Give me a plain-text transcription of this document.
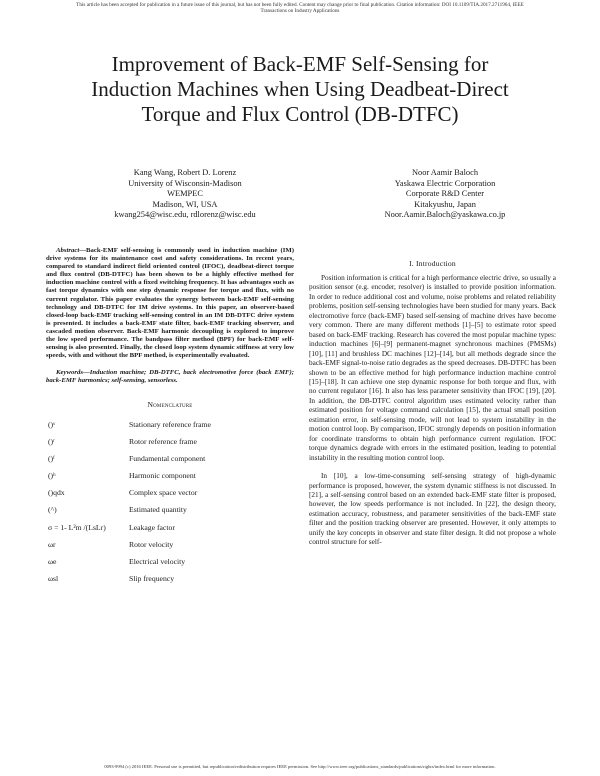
This article has been accepted for publication in a future issue of this journal, but has not been fully edited. Content may change prior to final publication. Citation information: DOI 10.1109/TIA.2017.2711964, IEEE
Transactions on Industry Applications
Improvement of Back-EMF Self-Sensing for
Induction Machines when Using Deadbeat-Direct
Torque and Flux Control (DB-DTFC)
Kang Wang, Robert D. Lorenz
University of Wisconsin-Madison
WEMPEC
Madison, WI, USA
kwang254@wisc.edu, rdlorenz@wisc.edu
Noor Aamir Baloch
Yaskawa Electric Corporation
Corporate R&D Center
Kitakyushu, Japan
Noor.Aamir.Baloch@yaskawa.co.jp

Abstract—Back-EMF self-sensing is commonly used in induction machine (IM) drive systems for its maintenance cost and safety considerations. In recent years, compared to standard indirect field oriented control (IFOC), deadbeat-direct torque and flux control (DB-DTFC) has been shown to be a highly effective method for induction machine control with a fixed switching frequency. It has advantages such as fast torque dynamics with one step dynamic response for torque and flux, with no current regulator. This paper evaluates the synergy between back-EMF self-sensing technology and DB-DTFC for IM drive systems. In this paper, an observer-based closed-loop back-EMF tracking self-sensing control in an IM DB-DTFC drive system is presented. It includes a back-EMF state filter, back-EMF tracking observer, and cascaded motion observer. Back-EMF harmonic decoupling is explored to improve the low speed performance. The bandpass filter method (BPF) for back-EMF self-sensing is also presented. Finally, the closed loop system dynamic stiffness at very low speeds, with and without the BPF method, is experimentally evaluated.

Keywords—Induction machine; DB-DTFC, back electromotive force (back EMF); back-EMF harmonics; self-sensing, sensorless.

Nomenclature
()ˢ	Stationary reference frame
()ʳ	Rotor reference frame
()ᶠ	Fundamental component
()ʰ	Harmonic component
()qdx	Complex space vector
(^)	Estimated quantity
σ = 1- L²m /(LsLr)	Leakage factor
ωr	Rotor velocity
ωe	Electrical velocity
ωsl	Slip frequency
I. Introduction

Position information is critical for a high performance electric drive, so usually a position sensor (e.g. encoder, resolver) is installed to provide position information. In order to reduce additional cost and volume, noise problems and related reliability problems, position self-sensing technologies have been studied for many years. Back electromotive force (back-EMF) based self-sensing of machine drives have become very common. There are many different methods [1]–[5] to estimate rotor speed based on back-EMF tracking. Research has covered the most popular machine types: induction machines [6]–[9] permanent-magnet synchronous machines (PMSMs) [10], [11] and brushless DC machines [12]–[14], but all methods degrade since the back-EMF signal-to-noise ratio degrades as the speed decreases. DB-DTFC has been shown to be an effective method for high performance induction machine control [15]–[18]. It can achieve one step dynamic response for both torque and flux, with no current regulator [16]. It also has less parameter sensitivity than IFOC [19], [20]. In addition, the DB-DTFC control algorithm uses estimated velocity rather than estimated position for voltage command calculation [15], the actual small position estimation error, in self-sensing mode, will not lead to system instability in the motion control loop. By comparison, IFOC strongly depends on position information for coordinate transforms to obtain high performance current regulation. IFOC torque dynamics degrade with errors in the estimated position, leading to potential instability in the resulting motion control loop.

In [10], a low-time-consuming self-sensing strategy of high-dynamic performance is proposed, however, the system dynamic stiffness is not discussed. In [21], a self-sensing control based on an extended back-EMF state filter is proposed, however, the low speeds performance is not included. In [22], the design theory, estimation accuracy, robustness, and parameter sensitivities of the back-EMF state filter and the position tracking observer are presented. However, it only attempts to unify the key concepts in observer and state filter design. It did not propose a whole control structure for self-

0093-9994 (c) 2016 IEEE. Personal use is permitted, but republication/redistribution requires IEEE permission. See http://www.ieee.org/publications_standards/publications/rights/index.html for more information.
